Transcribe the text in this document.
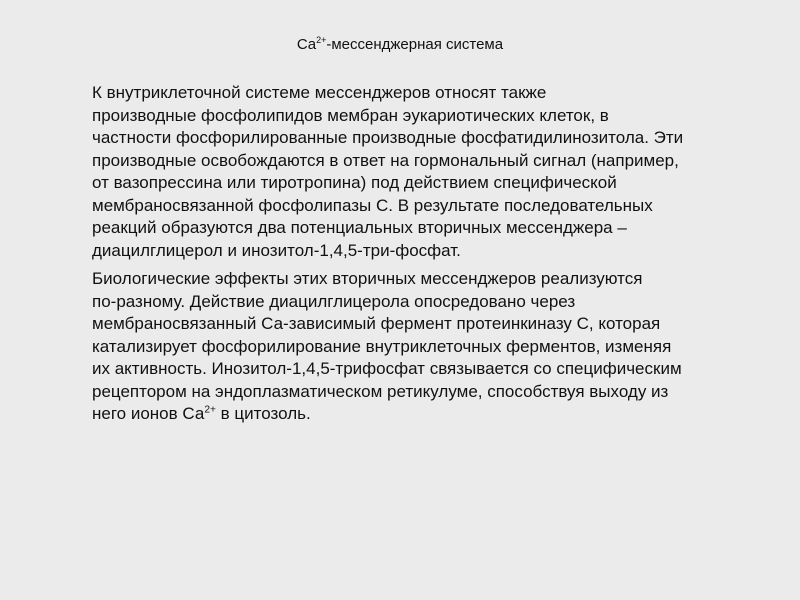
$Ca^{2+}$-мессенджерная система

К внутриклеточной системе мессенджеров относят также
производные фосфолипидов мембран эукариотических клеток, в
частности фосфорилированные производные фосфатидилинозитола. Эти
производные освобождаются в ответ на гормональный сигнал (например,
от вазопрессина или тиротропина) под действием специфической
мембраносвязанной фосфолипазы С. В результате последовательных
реакций образуются два потенциальных вторичных мессенджера –
диацилглицерол и инозитол-1,4,5-три-фосфат.

Биологические эффекты этих вторичных мессенджеров реализуются
по-разному. Действие диацилглицерола опосредовано через
мембраносвязанный Са-зависимый фермент протеинкиназу С, которая
катализирует фосфорилирование внутриклеточных ферментов, изменяя
их активность. Инозитол-1,4,5-трифосфат связывается со специфическим
рецептором на эндоплазматическом ретикулуме, способствуя выходу из
него ионов $Са^{2+}$ в цитозоль.
